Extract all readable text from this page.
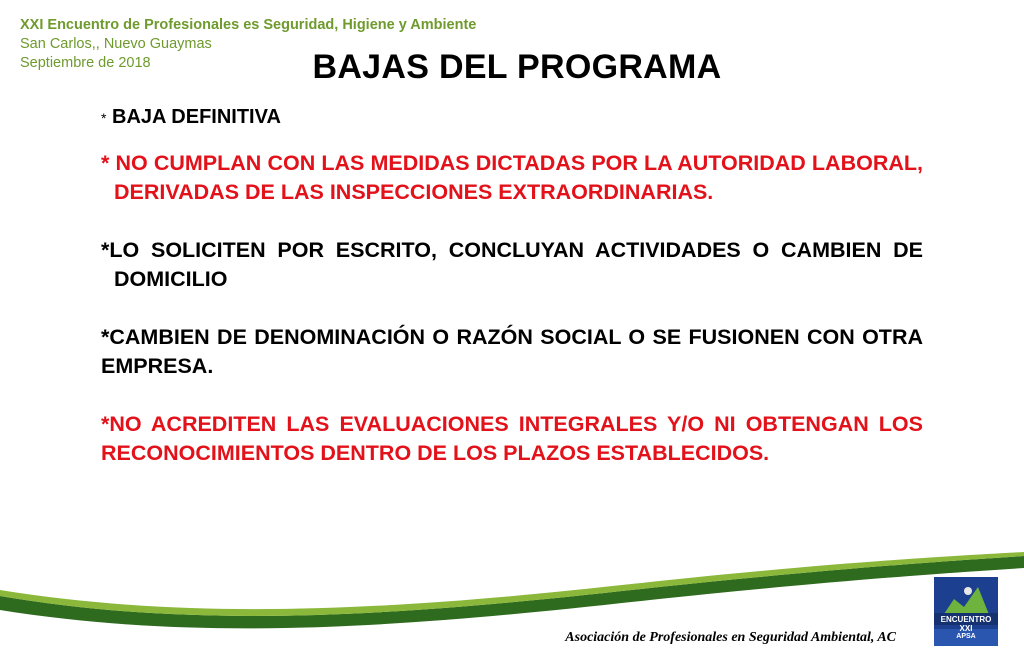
XXI Encuentro de Profesionales es Seguridad, Higiene y Ambiente
San Carlos,, Nuevo Guaymas
Septiembre de 2018	BAJAS DEL PROGRAMA
* BAJA DEFINITIVA

* NO CUMPLAN CON LAS MEDIDAS DICTADAS POR LA AUTORIDAD LABORAL, DERIVADAS DE LAS INSPECCIONES EXTRAORDINARIAS.

*LO SOLICITEN POR ESCRITO, CONCLUYAN ACTIVIDADES O CAMBIEN DE DOMICILIO

*CAMBIEN DE DENOMINACIÓN O RAZÓN SOCIAL O SE FUSIONEN CON OTRA EMPRESA.

*NO ACREDITEN LAS EVALUACIONES INTEGRALES Y/O NI OBTENGAN LOS RECONOCIMIENTOS DENTRO DE LOS PLAZOS ESTABLECIDOS.

Asociación de Profesionales en Seguridad Ambiental, AC
ENCUENTRO XXI
APSA
